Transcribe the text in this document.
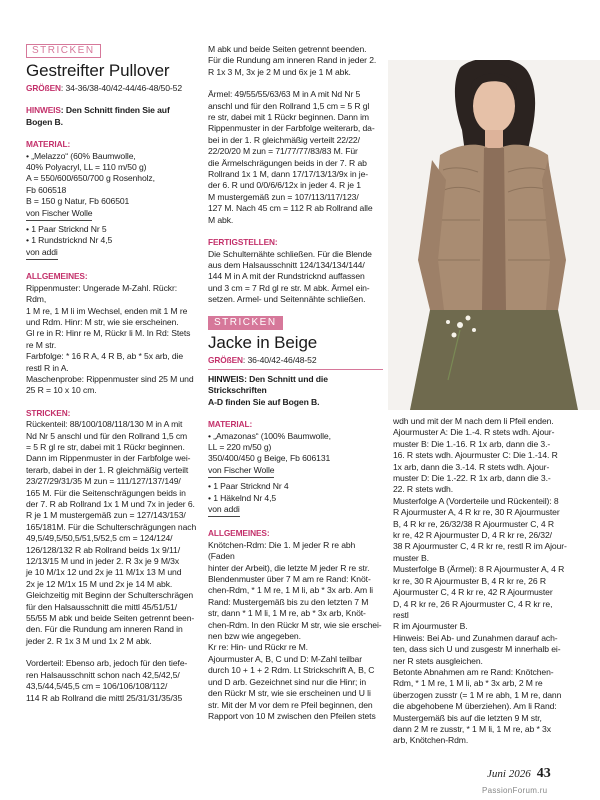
STRICKEN
Gestreifter Pullover

GRÖßEN: 34-36/38-40/42-44/46-48/50-52

HINWEIS: Den Schnitt finden Sie auf Bogen B.

MATERIAL:

• „Melazzo“ (60% Baumwolle,

40% Polyacryl, LL = 110 m/50 g)

A = 550/600/650/700 g Rosenholz,

Fb 606518

B = 150 g Natur, Fb 606501

von Fischer Wolle

• 1 Paar Stricknd Nr 5

• 1 Rundstricknd Nr 4,5

von addi

ALLGEMEINES:

Rippenmuster: Ungerade M-Zahl. Rückr: Rdm,

1 M re, 1 M li im Wechsel, enden mit 1 M re

und Rdm. Hinr: M str, wie sie erscheinen.

Gl re in R: Hinr re M, Rückr li M. In Rd: Stets

re M str.

Farbfolge: * 16 R A, 4 R B, ab * 5x arb, die

restl R in A.

Maschenprobe: Rippenmuster sind 25 M und

25 R = 10 x 10 cm.

STRICKEN:

Rückenteil: 88/100/108/118/130 M in A mit

Nd Nr 5 anschl und für den Rollrand 1,5 cm

= 5 R gl re str, dabei mit 1 Rückr beginnen.

Dann im Rippenmuster in der Farbfolge wei-

terarb, dabei in der 1. R gleichmäßig verteilt

23/27/29/31/35 M zun = 111/127/137/149/

165 M. Für die Seitenschrägungen beids in

der 7. R ab Rollrand 1x 1 M und 7x in jeder 6.

R je 1 M mustergemäß zun = 127/143/153/

165/181M. Für die Schulterschrägungen nach

49,5/49,5/50,5/51,5/52,5 cm = 124/124/

126/128/132 R ab Rollrand beids 1x 9/11/

12/13/15 M und in jeder 2. R 3x je 9 M/3x

je 10 M/1x 12 und 2x je 11 M/1x 13 M und

2x je 12 M/1x 15 M und 2x je 14 M abk.

Gleichzeitig mit Beginn der Schulterschrägen

für den Halsausschnitt die mittl 45/51/51/

55/55 M abk und beide Seiten getrennt been-

den. Für die Rundung am inneren Rand in

jeder 2. R 1x 3 M und 1x 2 M abk.

Vorderteil: Ebenso arb, jedoch für den tiefe-

ren Halsausschnitt schon nach 42,5/42,5/

43,5/44,5/45,5 cm = 106/106/108/112/

114 R ab Rollrand die mittl 25/31/31/35/35

M abk und beide Seiten getrennt beenden.

Für die Rundung am inneren Rand in jeder 2.

R 1x 3 M, 3x je 2 M und 6x je 1 M abk.

Ärmel: 49/55/55/63/63 M in A mit Nd Nr 5

anschl und für den Rollrand 1,5 cm = 5 R gl

re str, dabei mit 1 Rückr beginnen. Dann im

Rippenmuster in der Farbfolge weiterarb, da-

bei in der 1. R gleichmäßig verteilt 22/22/

22/20/20 M zun = 71/77/77/83/83 M. Für

die Ärmelschrägungen beids in der 7. R ab

Rollrand 1x 1 M, dann 17/17/13/13/9x in je-

der 6. R und 0/0/6/6/12x in jeder 4. R je 1

M mustergemäß zun = 107/113/117/123/

127 M. Nach 45 cm = 112 R ab Rollrand alle

M abk.

FERTIGSTELLEN:

Die Schulternähte schließen. Für die Blende

aus dem Halsausschnitt 124/134/134/144/

144 M in A mit der Rundstricknd auffassen

und 3 cm = 7 Rd gl re str. M abk. Ärmel ein-

setzen. Armel- und Seitennähte schließen.

STRICKEN
Jacke in Beige

GRÖßEN: 36-40/42-46/48-52

HINWEIS: Den Schnitt und die Strickschriften

A-D finden Sie auf Bogen B.

MATERIAL:

• „Amazonas“ (100% Baumwolle,

LL = 220 m/50 g)

350/400/450 g Beige, Fb 606131

von Fischer Wolle

• 1 Paar Stricknd Nr 4

• 1 Häkelnd Nr 4,5

von addi

ALLGEMEINES:

Knötchen-Rdm: Die 1. M jeder R re abh (Faden

hinter der Arbeit), die letzte M jeder R re str.

Blendenmuster über 7 M am re Rand: Knöt-

chen-Rdm, * 1 M re, 1 M li, ab * 3x arb. Am li

Rand: Mustergemäß bis zu den letzten 7 M

str, dann * 1 M li, 1 M re, ab * 3x arb, Knöt-

chen-Rdm. In den Rückr M str, wie sie erschei-

nen bzw wie angegeben.

Kr re: Hin- und Rückr re M.

Ajourmuster A, B, C und D: M-Zahl teilbar

durch 10 + 1 + 2 Rdm. Lt Strickschrift A, B, C

und D arb. Gezeichnet sind nur die Hinr; in

den Rückr M str, wie sie erscheinen und U li

str. Mit der M vor dem re Pfeil beginnen, den

Rapport von 10 M zwischen den Pfeilen stets

wdh und mit der M nach dem li Pfeil enden.

Ajourmuster A: Die 1.-4. R stets wdh. Ajour-

muster B: Die 1.-16. R 1x arb, dann die 3.-

16. R stets wdh. Ajourmuster C: Die 1.-14. R

1x arb, dann die 3.-14. R stets wdh. Ajour-

muster D: Die 1.-22. R 1x arb, dann die 3.-

22. R stets wdh.

Musterfolge A (Vorderteile und Rückenteil): 8

R Ajourmuster A, 4 R kr re, 30 R Ajourmuster

B, 4 R kr re, 26/32/38 R Ajourmuster C, 4 R

kr re, 42 R Ajourmuster D, 4 R kr re, 26/32/

38 R Ajourmuster C, 4 R kr re, restl R im Ajour-

muster B.

Musterfolge B (Ärmel): 8 R Ajourmuster A, 4 R

kr re, 30 R Ajourmuster B, 4 R kr re, 26 R

Ajourmuster C, 4 R kr re, 42 R Ajourmuster

D, 4 R kr re, 26 R Ajourmuster C, 4 R kr re, restl

R im Ajourmuster B.

Hinweis: Bei Ab- und Zunahmen darauf ach-

ten, dass sich U und zusgestr M innerhalb ei-

ner R stets ausgleichen.

Betonte Abnahmen am re Rand: Knötchen-

Rdm, * 1 M re, 1 M li, ab * 3x arb, 2 M re

überzogen zusstr (= 1 M re abh, 1 M re, dann

die abgehobene M überziehen). Am li Rand:

Mustergemäß bis auf die letzten 9 M str,

dann 2 M re zusstr, * 1 M li, 1 M re, ab * 3x

arb, Knötchen-Rdm.

Juni 2026 43
PassionForum.ru
